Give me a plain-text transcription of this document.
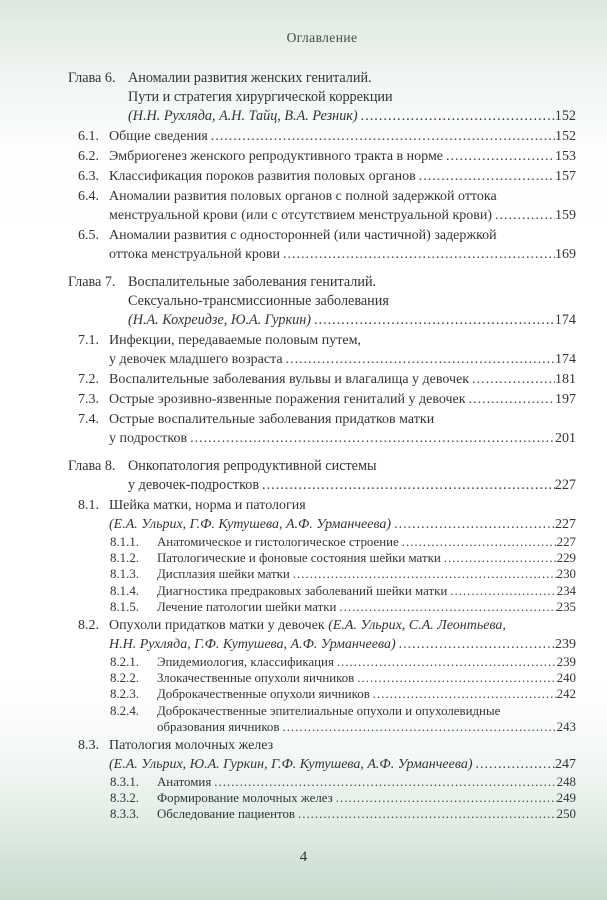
Оглавление
Глава 6. Аномалии развития женских гениталий.
Пути и стратегия хирургической коррекции
(Н.Н. Рухляда, А.Н. Тайц, В.А. Резник) .....	152
6.1. Общие сведения .....	152
6.2. Эмбриогенез женского репродуктивного тракта в норме .....	153
6.3. Классификация пороков развития половых органов .....	157
6.4. Аномалии развития половых органов с полной задержкой оттока
менструальной крови (или с отсутствием менструальной крови) .....	159
6.5. Аномалии развития с односторонней (или частичной) задержкой
оттока менструальной крови .....	169
Глава 7. Воспалительные заболевания гениталий.
Сексуально-трансмиссионные заболевания
(Н.А. Кохреидзе, Ю.А. Гуркин) .....	174
7.1. Инфекции, передаваемые половым путем,
у девочек младшего возраста .....	174
7.2. Воспалительные заболевания вульвы и влагалища у девочек .....	181
7.3. Острые эрозивно-язвенные поражения гениталий у девочек .....	197
7.4. Острые воспалительные заболевания придатков матки
у подростков .....	201
Глава 8. Онкопатология репродуктивной системы
у девочек-подростков .....	227
8.1. Шейка матки, норма и патология
(Е.А. Ульрих, Г.Ф. Кутушева, А.Ф. Урманчеева) .....	227
8.1.1.	Анатомическое и гистологическое строение .....	227
8.1.2.	Патологические и фоновые состояния шейки матки .....	229
8.1.3.	Дисплазия шейки матки .....	230
8.1.4.	Диагностика предраковых заболеваний шейки матки .....	234
8.1.5.	Лечение патологии шейки матки .....	235
8.2. Опухоли придатков матки у девочек (Е.А. Ульрих, С.А. Леонтьева,
Н.Н. Рухляда, Г.Ф. Кутушева, А.Ф. Урманчеева) .....	239
8.2.1.	Эпидемиология, классификация .....	239
8.2.2.	Злокачественные опухоли яичников .....	240
8.2.3.	Доброкачественные опухоли яичников .....	242
8.2.4.	Доброкачественные эпителиальные опухоли и опухолевидные
образования яичников .....	243
8.3. Патология молочных желез
(Е.А. Ульрих, Ю.А. Гуркин, Г.Ф. Кутушева, А.Ф. Урманчеева) .....	247
8.3.1.	Анатомия .....	248
8.3.2.	Формирование молочных желез .....	249
8.3.3.	Обследование пациентов .....	250
4
